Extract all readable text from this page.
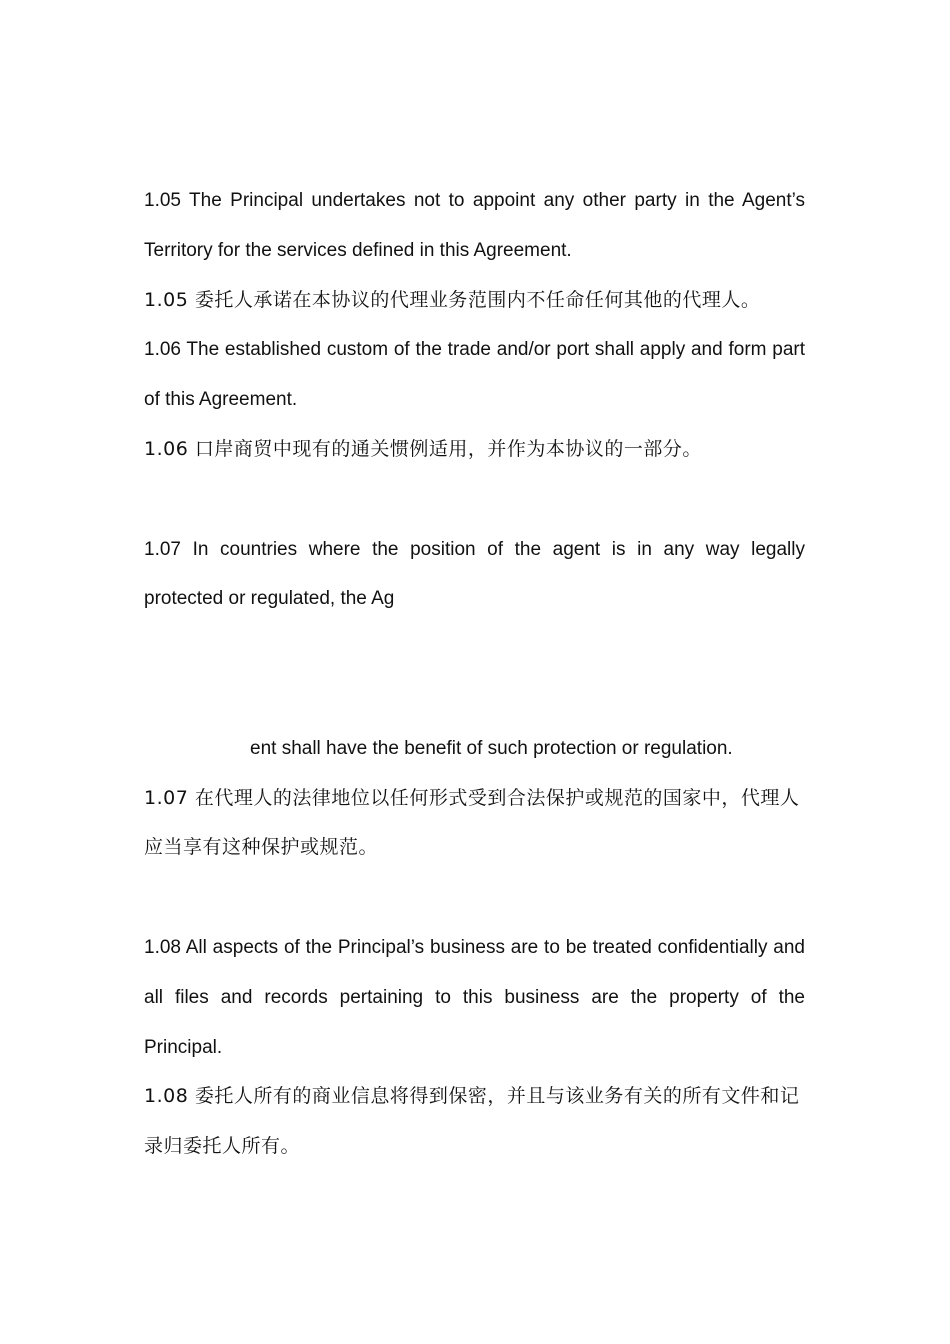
1.05 The Principal undertakes not to appoint any other party in the Agent’s Territory for the services defined in this Agreement.

1.05 委托人承诺在本协议的代理业务范围内不任命任何其他的代理人。

1.06 The established custom of the trade and/or port shall apply and form part of this Agreement.

1.06 口岸商贸中现有的通关惯例适用，并作为本协议的一部分。

1.07 In countries where the position of the agent is in any way legally protected or regulated, the Ag

ent shall have the benefit of such protection or regulation.

1.07 在代理人的法律地位以任何形式受到合法保护或规范的国家中，代理人应当享有这种保护或规范。

1.08 All aspects of the Principal’s business are to be treated confidentially and all files and records pertaining to this business are the property of the Principal.

1.08 委托人所有的商业信息将得到保密，并且与该业务有关的所有文件和记录归委托人所有。
